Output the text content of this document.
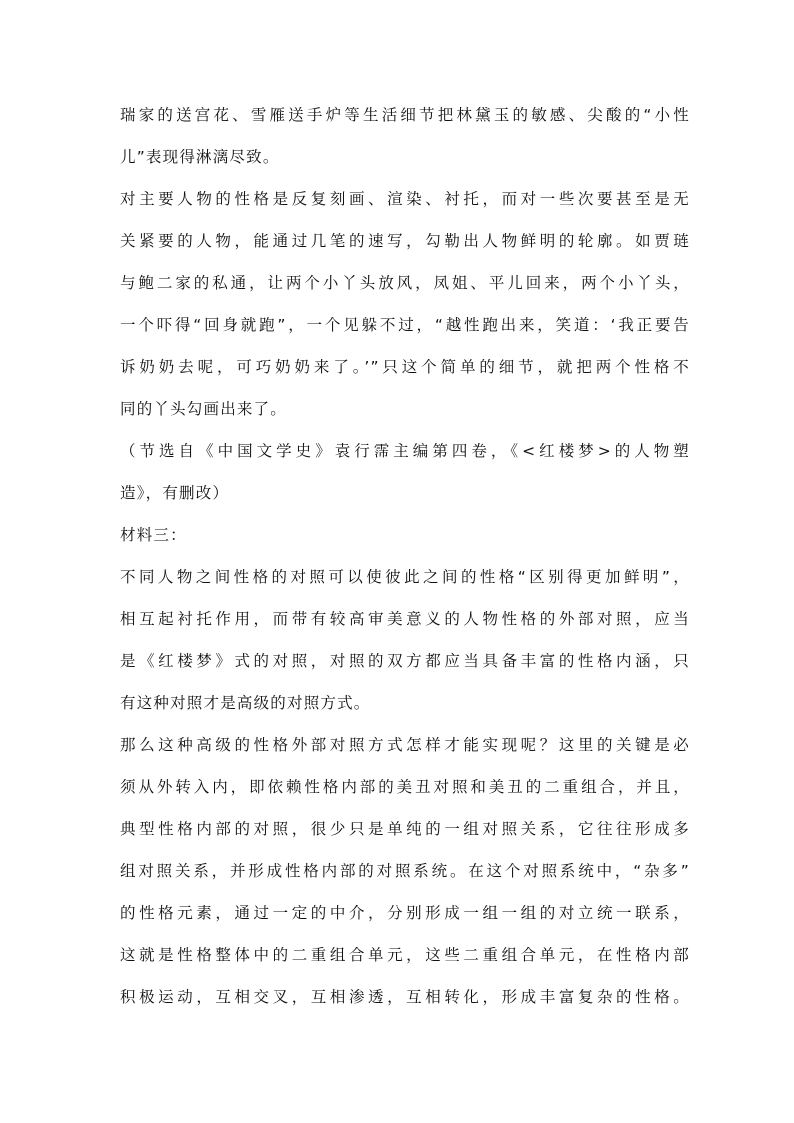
瑞家的送宫花、雪雁送手炉等生活细节把林黛玉的敏感、尖酸的“小性
儿”表现得淋漓尽致。
对主要人物的性格是反复刻画、渲染、衬托，而对一些次要甚至是无
关紧要的人物，能通过几笔的速写，勾勒出人物鲜明的轮廓。如贾琏
与鲍二家的私通，让两个小丫头放风，凤姐、平儿回来，两个小丫头，
一个吓得“回身就跑”，一个见躲不过，“越性跑出来，笑道：‘我正要告
诉奶奶去呢，可巧奶奶来了。’”只这个简单的细节，就把两个性格不
同的丫头勾画出来了。
（节选自《中国文学史》袁行霈主编第四卷，《<红楼梦>的人物塑
造》，有删改）
材料三：
不同人物之间性格的对照可以使彼此之间的性格“区别得更加鲜明”，
相互起衬托作用，而带有较高审美意义的人物性格的外部对照，应当
是《红楼梦》式的对照，对照的双方都应当具备丰富的性格内涵，只
有这种对照才是高级的对照方式。
那么这种高级的性格外部对照方式怎样才能实现呢？这里的关键是必
须从外转入内，即依赖性格内部的美丑对照和美丑的二重组合，并且，
典型性格内部的对照，很少只是单纯的一组对照关系，它往往形成多
组对照关系，并形成性格内部的对照系统。在这个对照系统中，“杂多”
的性格元素，通过一定的中介，分别形成一组一组的对立统一联系，
这就是性格整体中的二重组合单元，这些二重组合单元，在性格内部
积极运动，互相交叉，互相渗透，互相转化，形成丰富复杂的性格。
